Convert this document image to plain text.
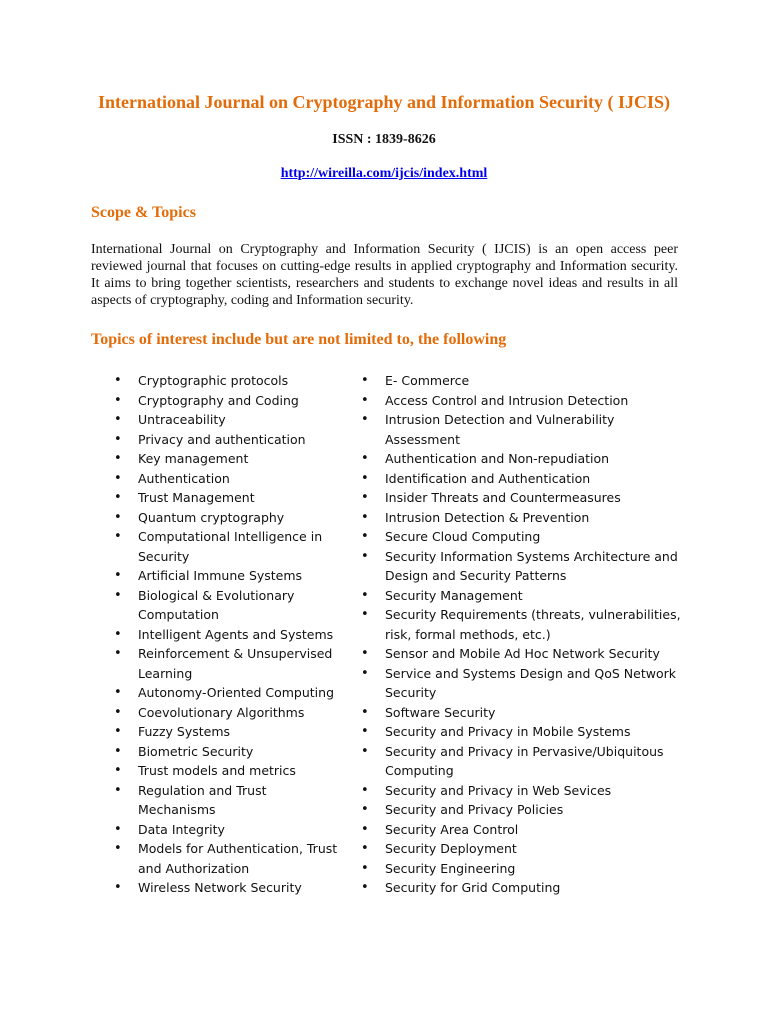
International Journal on Cryptography and Information Security ( IJCIS)
ISSN : 1839-8626
http://wireilla.com/ijcis/index.html
Scope & Topics

International Journal on Cryptography and Information Security ( IJCIS) is an open access peer reviewed journal that focuses on cutting-edge results in applied cryptography and Information security. It aims to bring together scientists, researchers and students to exchange novel ideas and results in all aspects of cryptography, coding and Information security.

Topics of interest include but are not limited to, the following
• Cryptographic protocols
• Cryptography and Coding
• Untraceability
• Privacy and authentication
• Key management
• Authentication
• Trust Management
• Quantum cryptography
• Computational Intelligence in Security
• Artificial Immune Systems
• Biological & Evolutionary Computation
• Intelligent Agents and Systems
• Reinforcement & Unsupervised Learning
• Autonomy-Oriented Computing
• Coevolutionary Algorithms
• Fuzzy Systems
• Biometric Security
• Trust models and metrics
• Regulation and Trust Mechanisms
• Data Integrity
• Models for Authentication, Trust and Authorization
• Wireless Network Security
• E- Commerce
• Access Control and Intrusion Detection
• Intrusion Detection and Vulnerability Assessment
• Authentication and Non-repudiation
• Identification and Authentication
• Insider Threats and Countermeasures
• Intrusion Detection & Prevention
• Secure Cloud Computing
• Security Information Systems Architecture and Design and Security Patterns
• Security Management
• Security Requirements (threats, vulnerabilities, risk, formal methods, etc.)
• Sensor and Mobile Ad Hoc Network Security
• Service and Systems Design and QoS Network Security
• Software Security
• Security and Privacy in Mobile Systems
• Security and Privacy in Pervasive/Ubiquitous Computing
• Security and Privacy in Web Sevices
• Security and Privacy Policies
• Security Area Control
• Security Deployment
• Security Engineering
• Security for Grid Computing
